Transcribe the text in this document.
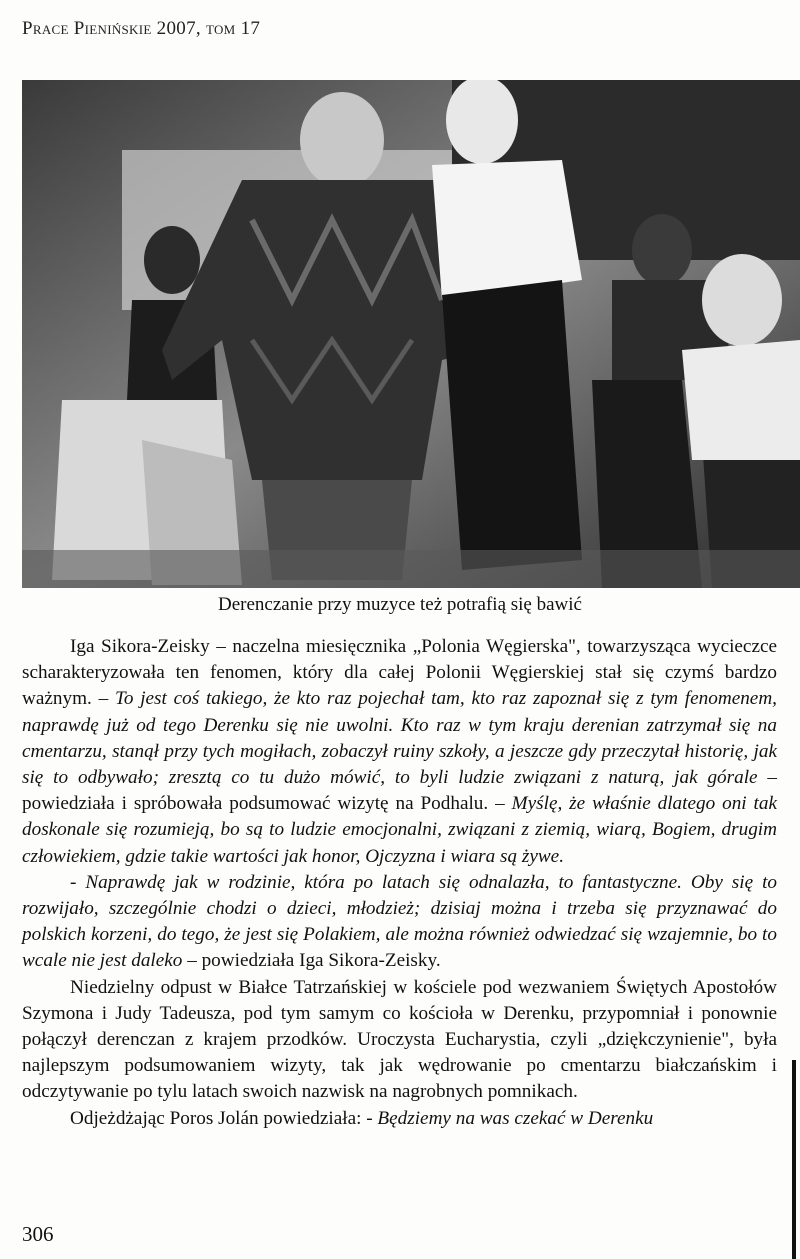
Prace Pienińskie 2007, tom 17
Derenczanie przy muzyce też potrafią się bawić

Iga Sikora-Zeisky – naczelna miesięcznika „Polonia Węgierska", towarzysząca wycieczce scharakteryzowała ten fenomen, który dla całej Polonii Węgierskiej stał się czymś bardzo ważnym. – To jest coś takiego, że kto raz pojechał tam, kto raz zapoznał się z tym fenomenem, naprawdę już od tego Derenku się nie uwolni. Kto raz w tym kraju derenian zatrzymał się na cmentarzu, stanął przy tych mogiłach, zobaczył ruiny szkoły, a jeszcze gdy przeczytał historię, jak się to odbywało; zresztą co tu dużo mówić, to byli ludzie związani z naturą, jak górale – powiedziała i spróbowała podsumować wizytę na Podhalu. – Myślę, że właśnie dlatego oni tak doskonale się rozumieją, bo są to ludzie emocjonalni, związani z ziemią, wiarą, Bogiem, drugim człowiekiem, gdzie takie wartości jak honor, Ojczyzna i wiara są żywe.

- Naprawdę jak w rodzinie, która po latach się odnalazła, to fantastyczne. Oby się to rozwijało, szczególnie chodzi o dzieci, młodzież; dzisiaj można i trzeba się przyznawać do polskich korzeni, do tego, że jest się Polakiem, ale można również odwiedzać się wzajemnie, bo to wcale nie jest daleko – powiedziała Iga Sikora-Zeisky.

Niedzielny odpust w Białce Tatrzańskiej w kościele pod wezwaniem Świętych Apostołów Szymona i Judy Tadeusza, pod tym samym co kościoła w Derenku, przypomniał i ponownie połączył derenczan z krajem przodków. Uroczysta Eucharystia, czyli „dziękczynienie", była najlepszym podsumowaniem wizyty, tak jak wędrowanie po cmentarzu białczańskim i odczytywanie po tylu latach swoich nazwisk na nagrobnych pomnikach.

Odjeżdżając Poros Jolán powiedziała: - Będziemy na was czekać w Derenku

306
